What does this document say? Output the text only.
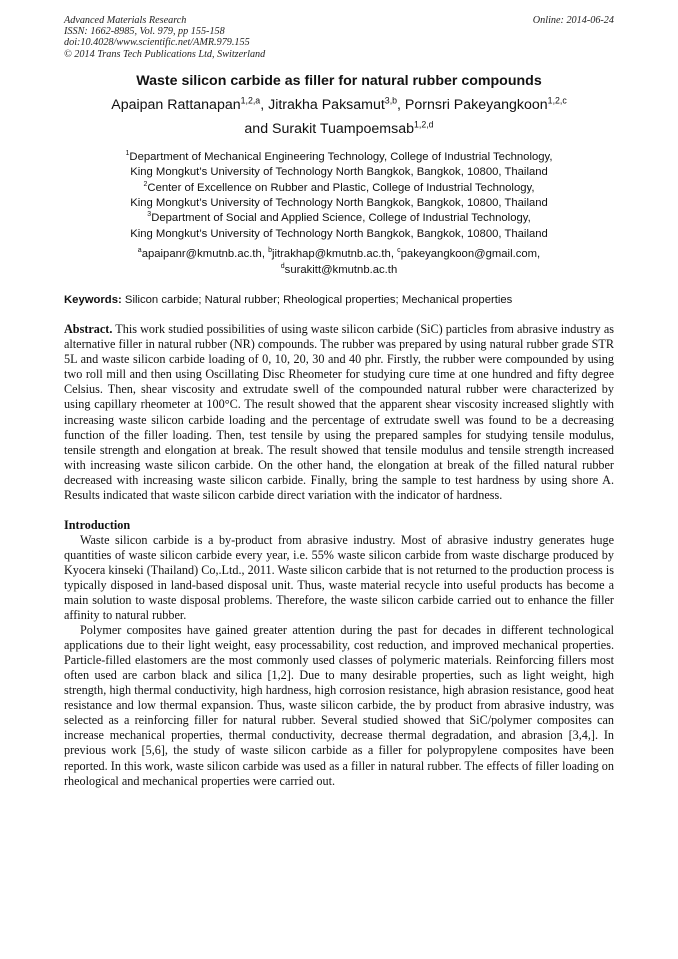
Advanced Materials Research
ISSN: 1662-8985, Vol. 979, pp 155-158
doi:10.4028/www.scientific.net/AMR.979.155
© 2014 Trans Tech Publications Ltd, Switzerland
Online: 2014-06-24
Waste silicon carbide as filler for natural rubber compounds
Apaipan Rattanapan$^{1,2,a}$, Jitrakha Paksamut$^{3,b}$, Pornsri Pakeyangkoon$^{1,2,c}$
and Surakit Tuampoemsab$^{1,2,d}$
$^1$Department of Mechanical Engineering Technology, College of Industrial Technology,
King Mongkut’s University of Technology North Bangkok, Bangkok, 10800, Thailand
$^2$Center of Excellence on Rubber and Plastic, College of Industrial Technology,
King Mongkut’s University of Technology North Bangkok, Bangkok, 10800, Thailand
$^3$Department of Social and Applied Science, College of Industrial Technology,
King Mongkut’s University of Technology North Bangkok, Bangkok, 10800, Thailand
$^a$apaipanr@kmutnb.ac.th, $^b$jitrakhap@kmutnb.ac.th, $^c$pakeyangkoon@gmail.com,
$^d$surakitt@kmutnb.ac.th
Keywords: Silicon carbide; Natural rubber; Rheological properties; Mechanical properties
Abstract. This work studied possibilities of using waste silicon carbide (SiC) particles from abrasive industry as alternative filler in natural rubber (NR) compounds. The rubber was prepared by using natural rubber grade STR 5L and waste silicon carbide loading of 0, 10, 20, 30 and 40 phr. Firstly, the rubber were compounded by using two roll mill and then using Oscillating Disc Rheometer for studying cure time at one hundred and fifty degree Celsius. Then, shear viscosity and extrudate swell of the compounded natural rubber were characterized by using capillary rheometer at 100°C. The result showed that the apparent shear viscosity increased slightly with increasing waste silicon carbide loading and the percentage of extrudate swell was found to be a decreasing function of the filler loading. Then, test tensile by using the prepared samples for studying tensile modulus, tensile strength and elongation at break. The result showed that tensile modulus and tensile strength increased with increasing waste silicon carbide. On the other hand, the elongation at break of the filled natural rubber decreased with increasing waste silicon carbide. Finally, bring the sample to test hardness by using shore A. Results indicated that waste silicon carbide direct variation with the indicator of hardness.
Introduction

Waste silicon carbide is a by-product from abrasive industry. Most of abrasive industry generates huge quantities of waste silicon carbide every year, i.e. 55% waste silicon carbide from waste discharge produced by Kyocera kinseki (Thailand) Co,.Ltd., 2011. Waste silicon carbide that is not returned to the production process is typically disposed in land-based disposal unit. Thus, waste material recycle into useful products has become a main solution to waste disposal problems. Therefore, the waste silicon carbide carried out to enhance the filler affinity to natural rubber.

Polymer composites have gained greater attention during the past for decades in different technological applications due to their light weight, easy processability, cost reduction, and improved mechanical properties. Particle-filled elastomers are the most commonly used classes of polymeric materials. Reinforcing fillers most often used are carbon black and silica [1,2]. Due to many desirable properties, such as light weight, high strength, high thermal conductivity, high hardness, high corrosion resistance, high abrasion resistance, good heat resistance and low thermal expansion. Thus, waste silicon carbide, the by product from abrasive industry, was selected as a reinforcing filler for natural rubber. Several studied showed that SiC/polymer composites can increase mechanical properties, thermal conductivity, decrease thermal degradation, and abrasion [3,4,]. In previous work [5,6], the study of waste silicon carbide as a filler for polypropylene composites have been reported. In this work, waste silicon carbide was used as a filler in natural rubber. The effects of filler loading on rheological and mechanical properties were carried out.
